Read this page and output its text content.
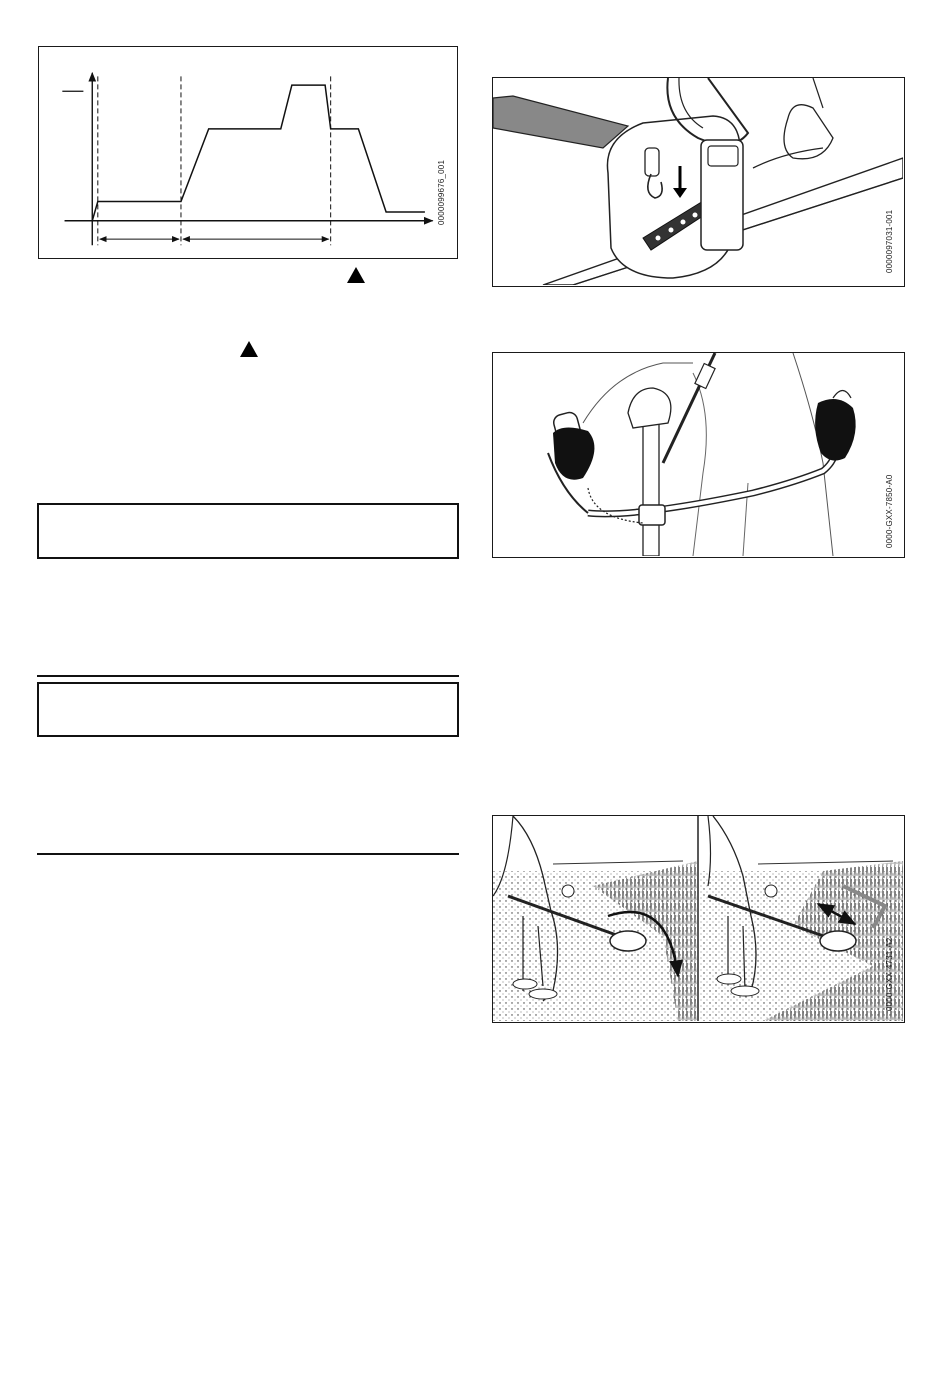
0000099676_001
0000097031-001
0000-GXX-7850-A0
0000-GXX-4731-A2
